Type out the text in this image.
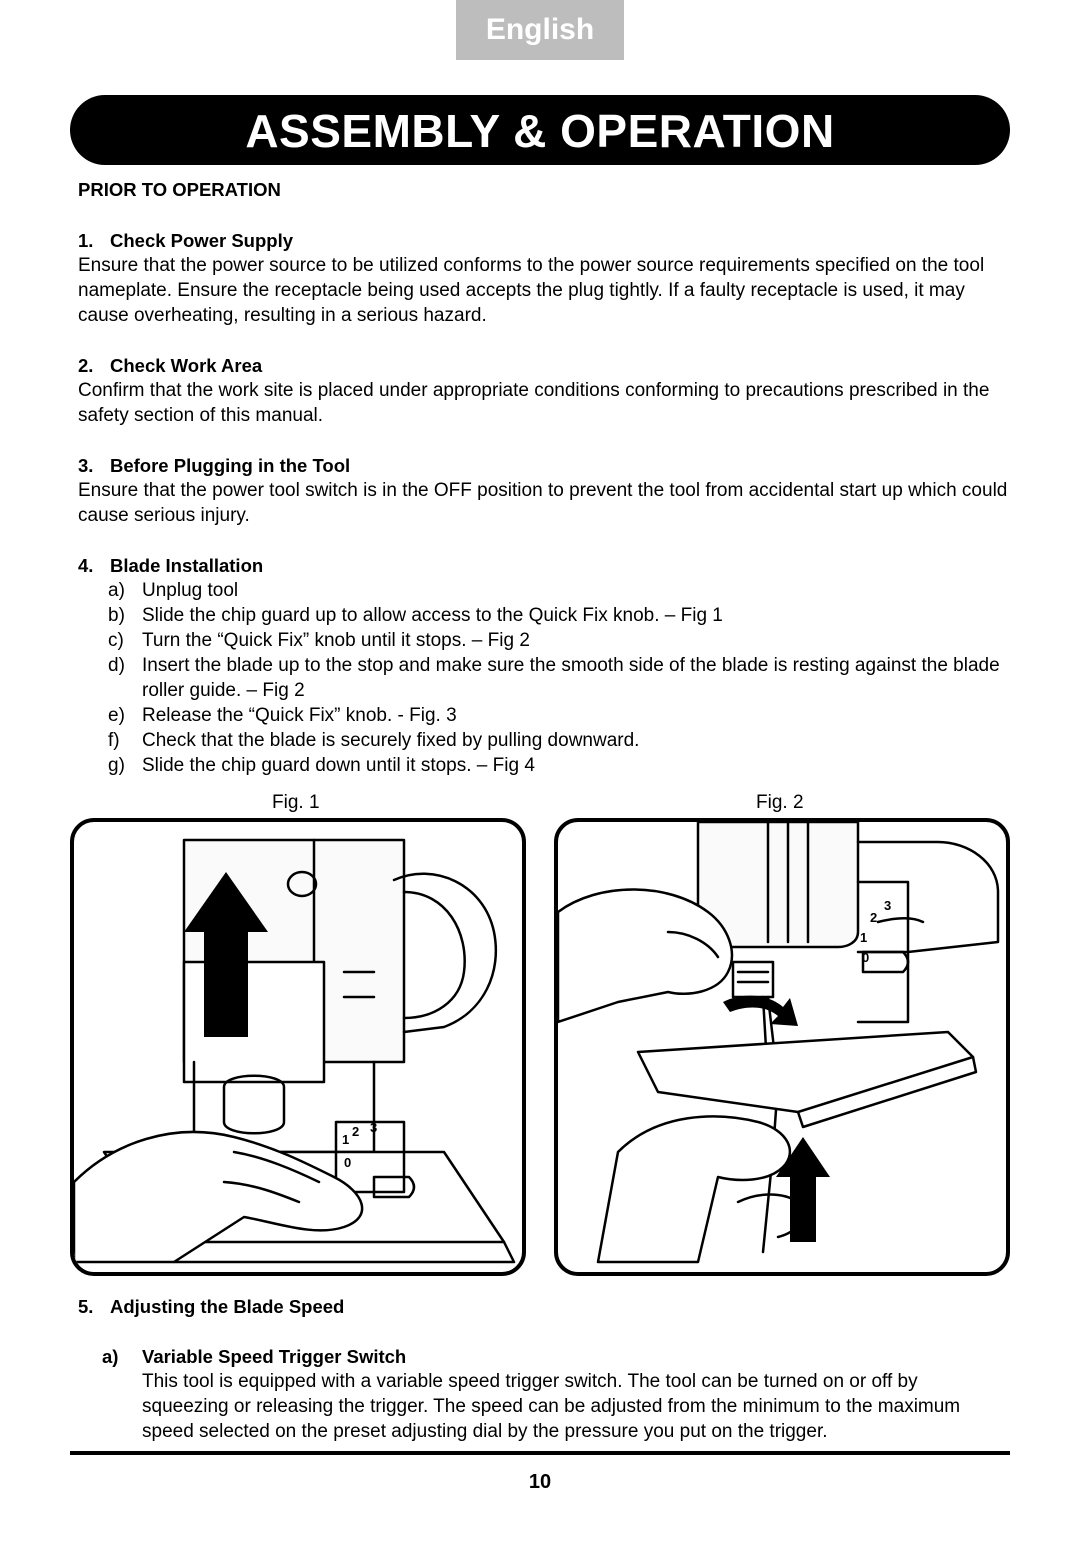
English
ASSEMBLY & OPERATION
PRIOR TO OPERATION
1. Check Power Supply

Ensure that the power source to be utilized conforms to the power source requirements specified on the tool nameplate. Ensure the receptacle being used accepts the plug tightly. If a faulty receptacle is used, it may cause overheating, resulting in a serious hazard.

2. Check Work Area

Confirm that the work site is placed under appropriate conditions conforming to precautions prescribed in the safety section of this manual.

3. Before Plugging in the Tool

Ensure that the power tool switch is in the OFF position to prevent the tool from accidental start up which could cause serious injury.

4. Blade Installation
a) Unplug tool
b) Slide the chip guard up to allow access to the Quick Fix knob. – Fig 1
c) Turn the “Quick Fix” knob until it stops. – Fig 2
d) Insert the blade up to the stop and make sure the smooth side of the blade is resting against the blade roller guide. – Fig 2
e) Release the “Quick Fix” knob. - Fig. 3
f) Check that the blade is securely fixed by pulling downward.
g) Slide the chip guard down until it stops. – Fig 4
Fig. 1	Fig. 2
1
2 3
0
1
2
3
0
5. Adjusting the Blade Speed
a) Variable Speed Trigger Switch

This tool is equipped with a variable speed trigger switch. The tool can be turned on or off by squeezing or releasing the trigger. The speed can be adjusted from the minimum to the maximum speed selected on the preset adjusting dial by the pressure you put on the trigger.

10
